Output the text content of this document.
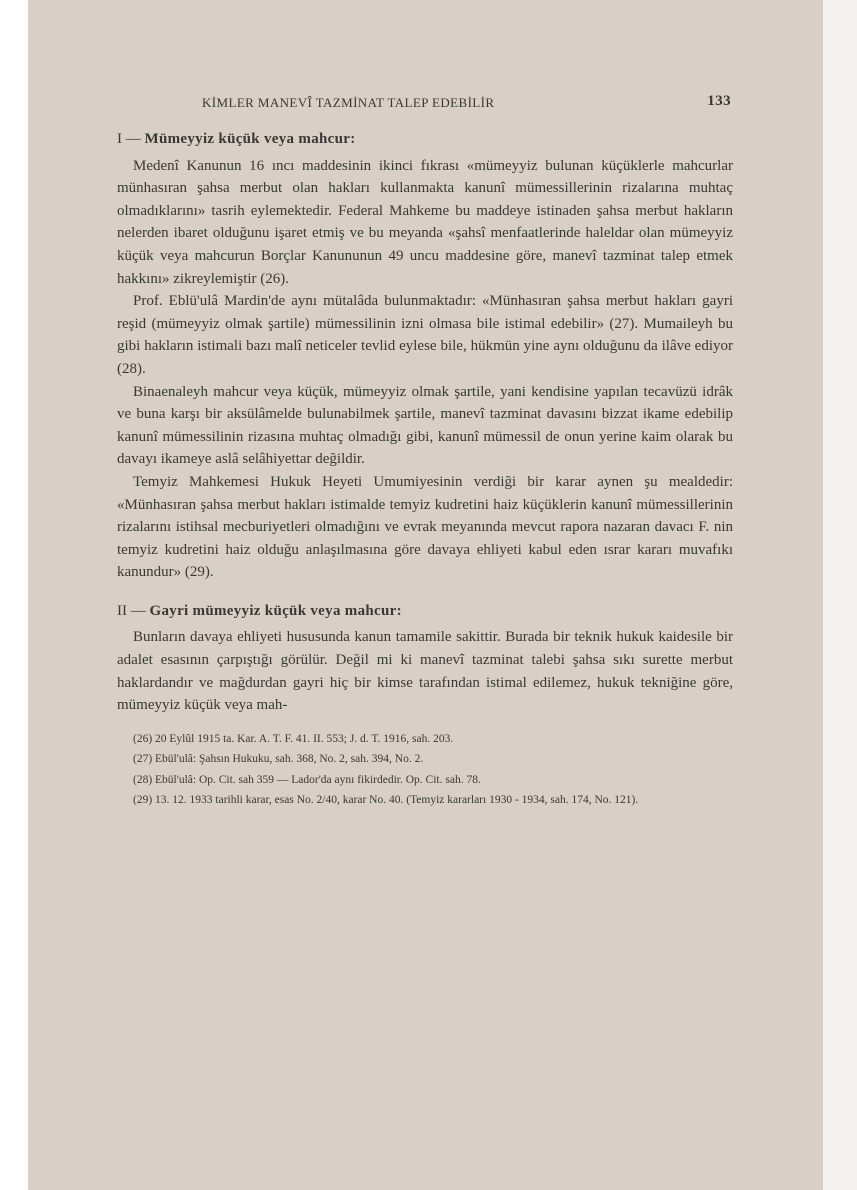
KİMLER MANEVÎ TAZMİNAT TALEP EDEBİLİR	133
I — Mümeyyiz küçük veya mahcur:

Medenî Kanunun 16 ıncı maddesinin ikinci fıkrası «mümeyyiz bulunan küçüklerle mahcurlar münhasıran şahsa merbut olan hakları kullanmakta kanunî mümessillerinin rizalarına muhtaç olmadıklarını» tasrih eylemektedir. Federal Mahkeme bu maddeye istinaden şahsa merbut hakların nelerden ibaret olduğunu işaret etmiş ve bu meyanda «şahsî menfaatlerinde haleldar olan mümeyyiz küçük veya mahcurun Borçlar Kanununun 49 uncu maddesine göre, manevî tazminat talep etmek hakkını» zikreylemiştir (26).

Prof. Eblü'ulâ Mardin'de aynı mütalâda bulunmaktadır: «Münhasıran şahsa merbut hakları gayri reşid (mümeyyiz olmak şartile) mümessilinin izni olmasa bile istimal edebilir» (27). Mumaileyh bu gibi hakların istimali bazı malî neticeler tevlid eylese bile, hükmün yine aynı olduğunu da ilâve ediyor (28).

Binaenaleyh mahcur veya küçük, mümeyyiz olmak şartile, yani kendisine yapılan tecavüzü idrâk ve buna karşı bir aksülâmelde bulunabilmek şartile, manevî tazminat davasını bizzat ikame edebilip kanunî mümessilinin rizasına muhtaç olmadığı gibi, kanunî mümessil de onun yerine kaim olarak bu davayı ikameye aslâ selâhiyettar değildir.

Temyiz Mahkemesi Hukuk Heyeti Umumiyesinin verdiği bir karar aynen şu mealdedir: «Münhasıran şahsa merbut hakları istimalde temyiz kudretini haiz küçüklerin kanunî mümessillerinin rizalarını istihsal mecburiyetleri olmadığını ve evrak meyanında mevcut rapora nazaran davacı F. nin temyiz kudretini haiz olduğu anlaşılmasına göre davaya ehliyeti kabul eden ısrar kararı muvafıkı kanundur» (29).

II — Gayri mümeyyiz küçük veya mahcur:

Bunların davaya ehliyeti hususunda kanun tamamile sakittir. Burada bir teknik hukuk kaidesile bir adalet esasının çarpıştığı görülür. Değil mi ki manevî tazminat talebi şahsa sıkı surette merbut haklardandır ve mağdurdan gayri hiç bir kimse tarafından istimal edilemez, hukuk tekniğine göre, mümeyyiz küçük veya mah-

(26) 20 Eylûl 1915 ta. Kar. A. T. F. 41. II. 553; J. d. T. 1916, sah. 203.

(27) Ebül'ulâ: Şahsın Hukuku, sah. 368, No. 2, sah. 394, No. 2.

(28) Ebül'ulâ: Op. Cit. sah 359 — Lador'da aynı fikirdedir. Op. Cit. sah. 78.

(29) 13. 12. 1933 tarihli karar, esas No. 2/40, karar No. 40. (Temyiz kararları 1930 - 1934, sah. 174, No. 121).
